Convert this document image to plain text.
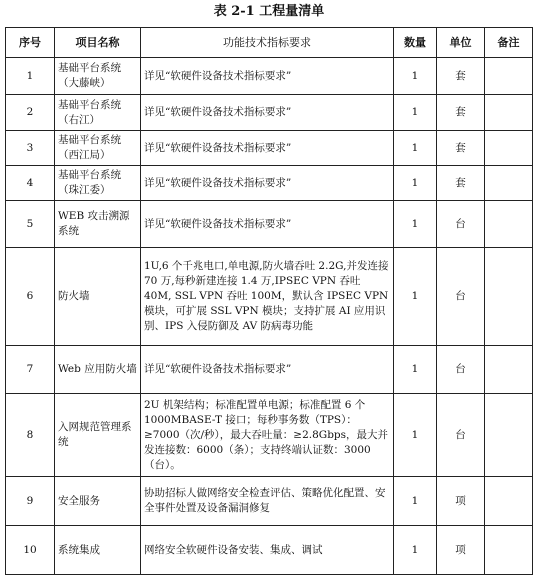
表 2-1 工程量清单
序号	项目名称	功能技术指标要求	数量	单位	备注
1	基础平台系统（大藤峡）	详见“软硬件设备技术指标要求”	1	套	
2	基础平台系统（右江）	详见“软硬件设备技术指标要求”	1	套	
3	基础平台系统（西江局）	详见“软硬件设备技术指标要求”	1	套	
4	基础平台系统（珠江委）	详见“软硬件设备技术指标要求”	1	套	
5	WEB 攻击溯源系统	详见“软硬件设备技术指标要求”	1	台	
6	防火墙	1U,6 个千兆电口,单电源,防火墙吞吐 2.2G,并发连接 70 万,每秒新建连接 1.4 万,IPSEC VPN 吞吐 40M, SSL VPN 吞吐 100M，默认含 IPSEC VPN 模块，可扩展 SSL VPN 模块；支持扩展 AI 应用识别、IPS 入侵防御及 AV 防病毒功能	1	台	
7	Web 应用防火墙	详见“软硬件设备技术指标要求”	1	台	
8	入网规范管理系统	2U 机架结构；标准配置单电源；标准配置 6 个 1000MBASE-T 接口；每秒事务数（TPS）：≥7000（次/秒），最大吞吐量：≥2.8Gbps，最大并发连接数：6000（条）；支持终端认证数：3000（台）。	1	台	
9	安全服务	协助招标人做网络安全检查评估、策略优化配置、安全事件处置及设备漏洞修复	1	项	
10	系统集成	网络安全软硬件设备安装、集成、调试	1	项	
